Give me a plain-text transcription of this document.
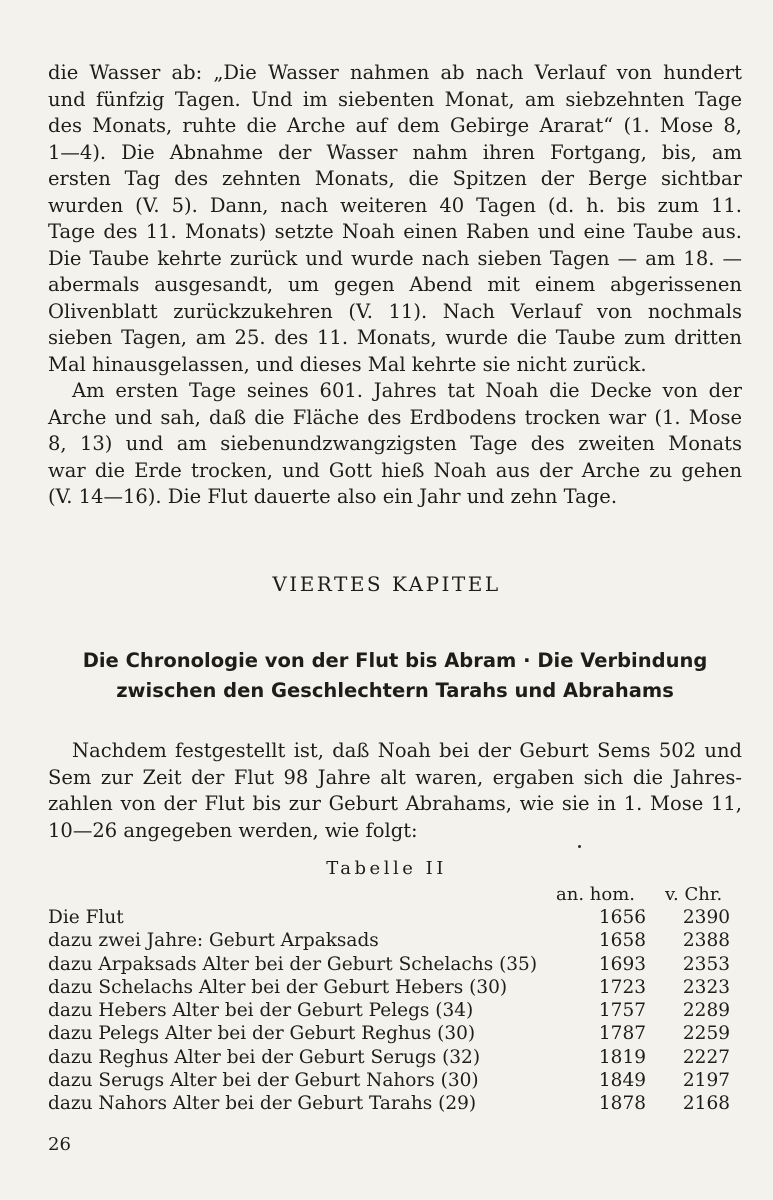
die Wasser ab: „Die Wasser nahmen ab nach Verlauf von hundert
und fünfzig Tagen. Und im siebenten Monat, am siebzehnten Tage
des Monats, ruhte die Arche auf dem Gebirge Ararat“ (1. Mose 8,
1—4). Die Abnahme der Wasser nahm ihren Fortgang, bis, am
ersten Tag des zehnten Monats, die Spitzen der Berge sichtbar
wurden (V. 5). Dann, nach weiteren 40 Tagen (d. h. bis zum 11.
Tage des 11. Monats) setzte Noah einen Raben und eine Taube aus.
Die Taube kehrte zurück und wurde nach sieben Tagen — am 18. —
abermals ausgesandt, um gegen Abend mit einem abgerissenen
Olivenblatt zurückzukehren (V. 11). Nach Verlauf von nochmals
sieben Tagen, am 25. des 11. Monats, wurde die Taube zum dritten
Mal hinausgelassen, und dieses Mal kehrte sie nicht zurück.

Am ersten Tage seines 601. Jahres tat Noah die Decke von der
Arche und sah, daß die Fläche des Erdbodens trocken war (1. Mose
8, 13) und am siebenundzwangzigsten Tage des zweiten Monats
war die Erde trocken, und Gott hieß Noah aus der Arche zu gehen
(V. 14—16). Die Flut dauerte also ein Jahr und zehn Tage.

VIERTES KAPITEL
Die Chronologie von der Flut bis Abram · Die Verbindung
zwischen den Geschlechtern Tarahs und Abrahams

Nachdem festgestellt ist, daß Noah bei der Geburt Sems 502 und
Sem zur Zeit der Flut 98 Jahre alt waren, ergaben sich die Jahres-
zahlen von der Flut bis zur Geburt Abrahams, wie sie in 1. Mose 11,
10—26 angegeben werden, wie folgt:

Tabelle II
an. hom. v. Chr.
Die Flut	1656	2390
dazu zwei Jahre: Geburt Arpaksads	1658	2388
dazu Arpaksads Alter bei der Geburt Schelachs (35)	1693	2353
dazu Schelachs Alter bei der Geburt Hebers (30)	1723	2323
dazu Hebers Alter bei der Geburt Pelegs (34)	1757	2289
dazu Pelegs Alter bei der Geburt Reghus (30)	1787	2259
dazu Reghus Alter bei der Geburt Serugs (32)	1819	2227
dazu Serugs Alter bei der Geburt Nahors (30)	1849	2197
dazu Nahors Alter bei der Geburt Tarahs (29)	1878	2168
26
